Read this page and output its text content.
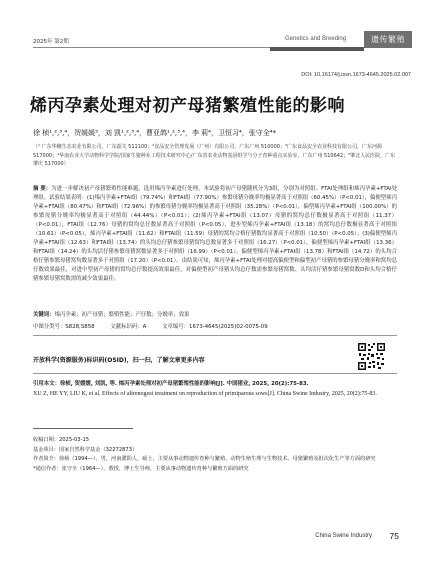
2025年 第2期	Genetics and Breeding	遗传繁殖
DOI: 10.16174/j.issn.1673-4645.2025.02.007
烯丙孕素处理对初产母猪繁殖性能的影响
徐 桢¹,²,³,⁴，贺媛媛⁵，刘 凯¹,²,³,⁴，曹亚鸽¹,²,³,⁴，李 莉⁴，卫恒习⁴，张守全⁴*
（¹ 广东华穗生态农业有限公司，广东韶关 511100；²食品安全管理发展（广州）有限公司，广东广州 510000；³广东食品安全农业科技有限公司，广东河源 517000；⁴华南农业大学动物科学学院/国家生猪种业工程技术研究中心/广东省农业动物基因组学与分子育种重点实验室，广东广州 510642；⁵肇北人民医院，广东肇庆 517000）
摘 要：为进一步解决初产母猪繁殖性能难题，选用烯丙孕素进行处理。本试验将初产母猪随机分为3组，分别为对照组、FTAI处理组和烯丙孕素+FTAI处理组。试验结果表明：(1)烯丙孕素+FTAI组（79.74%）和FTAI组（77.90%）参繁母猪分娩率均极显著高于对照组（60.45%）（P<0.01），偏便型烯丙孕素+FTAI组（80.47%）和FTAI组（72.96%）的参繁母猪分娩率均极显著高于对照组（35.28%）（P<0.01），偏型烯丙孕素+FTAI组（100.00%）的参繁母猪分娩率均极显著高于对照组（44.44%）（P<0.01）；(2)烯丙孕素+FTAI组（13.07）母猪的窝均总仔数极显著高于对照组（11.37）（P<0.01），FTAI组（12.76）母猪的窝均总仔数显著高于对照组（P<0.05），进步型烯丙孕素+FTAI组（13.18）的窝均总仔数极显著高于对照组（10.61）（P<0.05），烯丙孕素+FTAI组（11.62）和FTAI组（11.59）母猪的窝均合格仔猪数均显著高于对照组（10.50）（P<0.05）；(3)偏便型烯丙孕素+FTAI组（12.63）和FTAI组（13.74）的头均总仔猪参繁母猪窝均总数显著多于对照组（16.27）（P<0.01），偏便型烯丙孕素+FTAI组（13.36）和FTAI组（14.24）的头均活仔猪参繁母猪窝数显著多于对照组（16.99）（P<0.01），偏便型烯丙孕素+FTAI组（13.78）和FTAI组（14.72）的头均合格仔猪参繁母猪窝均数显著多于对照组（17.20）（P<0.01）。由结果可知，烯丙孕素+FTAI处理对提高偏便型和偏型初产母猪的参繁母猪分娩率和窝均总仔数效果最佳，对进中型初产母猪的窝均总仔数提高效果最佳，对偏便型初产母猪头均总仔数需参繁母猪窝数、头均活仔猪参繁母猪窝数D和头均合格仔猪参繁母猪窝数需的减少效果最佳。
关键词：烯丙孕素；初产母猪；繁殖性能；产仔数；分娩率；效果
中图分类号：S828;S858	文献标识码：A	文章编号：1673-4645(2025)02-0075-09
开放科学(资源服务)标识码(OSID)，扫一扫，了解文章更多内容
引用本文：徐桢, 贺媛媛, 刘凯, 等. 烯丙孕素处理对初产母猪繁殖性能的影响[J]. 中国猪业, 2025, 20(2):75-83.
XU Z, HE YY, LIU K, et al. Effects of altrenogest treatment on reproduction of primiparous sows[J]. China Swine Industry, 2025, 20(2):75-83.
收稿日期：2025-03-15
基金项目：国家自然科学基金（32272873）
作者简介：徐桢（1994—），男，河南濮阳人，硕士，主要从事动物遗传育种与繁殖、动物生殖生理与生物技术、母猪繁殖及批次化生产等方面的研究
*通信作者：张守全（1964—），教授，博士生导师，主要从事动物遗传育种与繁殖方面的研究
China Swine Industry 75
